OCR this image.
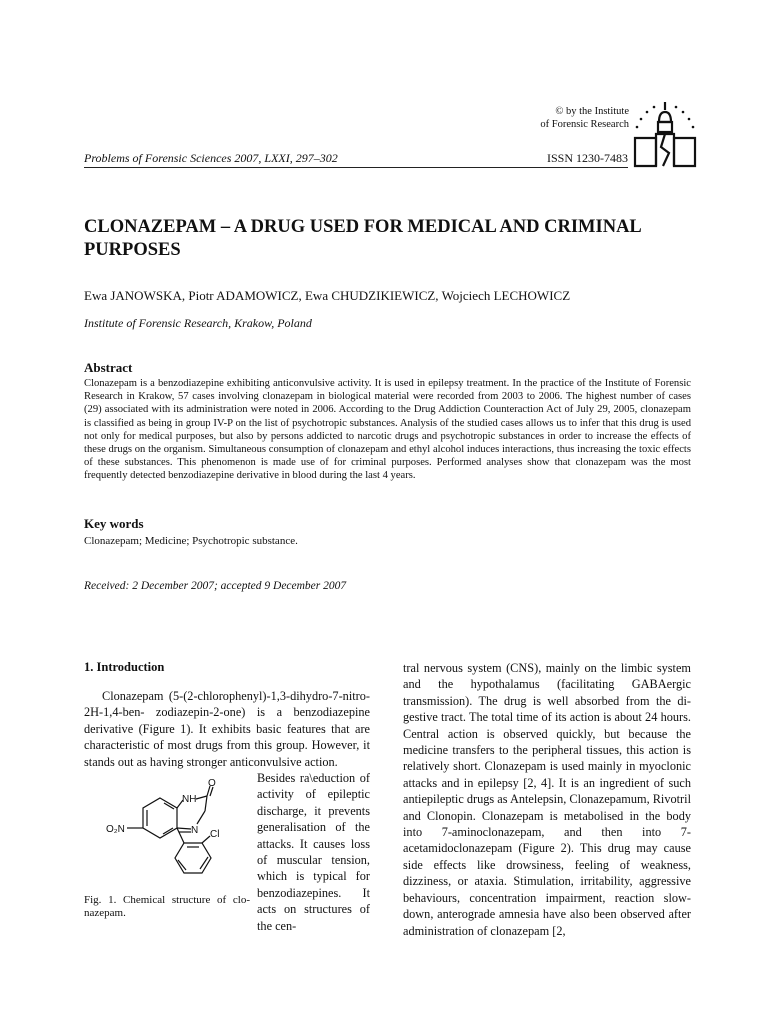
© by the Institute
of Forensic Research
Problems of Forensic Sciences 2007, LXXI, 297–302	ISSN 1230-7483
CLONAZEPAM – A DRUG USED FOR MEDICAL AND CRIMINAL PURPOSES
Ewa JANOWSKA, Piotr ADAMOWICZ, Ewa CHUDZIKIEWICZ, Wojciech LECHOWICZ
Institute of Forensic Research, Krakow, Poland
Abstract

Clonazepam is a benzodiazepine exhibiting anticonvulsive activity. It is used in epilepsy treatment. In the practice of the Institute of Forensic Research in Krakow, 57 cases involving clonazepam in biological material were recorded from 2003 to 2006. The highest number of cases (29) associated with its administration were noted in 2006. According to the Drug Addiction Counteraction Act of July 29, 2005, clonazepam is classified as being in group IV-P on the list of psychotropic substances. Analysis of the studied cases allows us to infer that this drug is used not only for medical purposes, but also by persons addicted to narcotic drugs and psychotropic substances in order to increase the effects of these drugs on the organism. Simultaneous consumption of clonazepam and ethyl alcohol induces interactions, thus increasing the toxic effects of these substances. This phenomenon is made use of for criminal purposes. Performed analyses show that clonazepam was the most frequently detected benzodiazepine derivative in blood during the last 4 years.

Key words
Clonazepam; Medicine; Psychotropic substance.
Received: 2 December 2007; accepted 9 December 2007
1. Introduction

Clonazepam (5-(2-chlorophenyl)-1,3-dihydro-7-nitro-2H-1,4-ben- zodiazepin-2-one) is a benzodiazepine derivative (Figure 1). It exhibits basic features that are characteristic of most drugs from this group. However, it stands out as having stronger anticonvulsive action.

Besides ra\eduction of activity of epileptic discharge, it prevents generalisation of the attacks. It causes loss of muscular tension, which is typical for benzodiazepines. It acts on structures of the cen-

NH
O
N
O₂N	Cl

Fig. 1. Chemical structure of clonazepam.

tral nervous system (CNS), mainly on the limbic system and the hypothalamus (facilitating GABAergic transmission). The drug is well absorbed from the digestive tract. The total time of its action is about 24 hours. Central action is observed quickly, but because the medicine transfers to the peripheral tissues, this action is relatively short. Clonazepam is used mainly in myoclonic attacks and in epilepsy [2, 4]. It is an ingredient of such antiepileptic drugs as Antelepsin, Clonazepamum, Rivotril and Clonopin. Clonazepam is metabolised in the body into 7-aminoclonazepam, and then into 7-acetamidoclonazepam (Figure 2). This drug may cause side effects like drowsiness, feeling of weakness, dizziness, or ataxia. Stimulation, irritability, aggressive behaviours, concentration impairment, reaction slow- down, anterograde amnesia have also been observed after administration of clonazepam [2,
